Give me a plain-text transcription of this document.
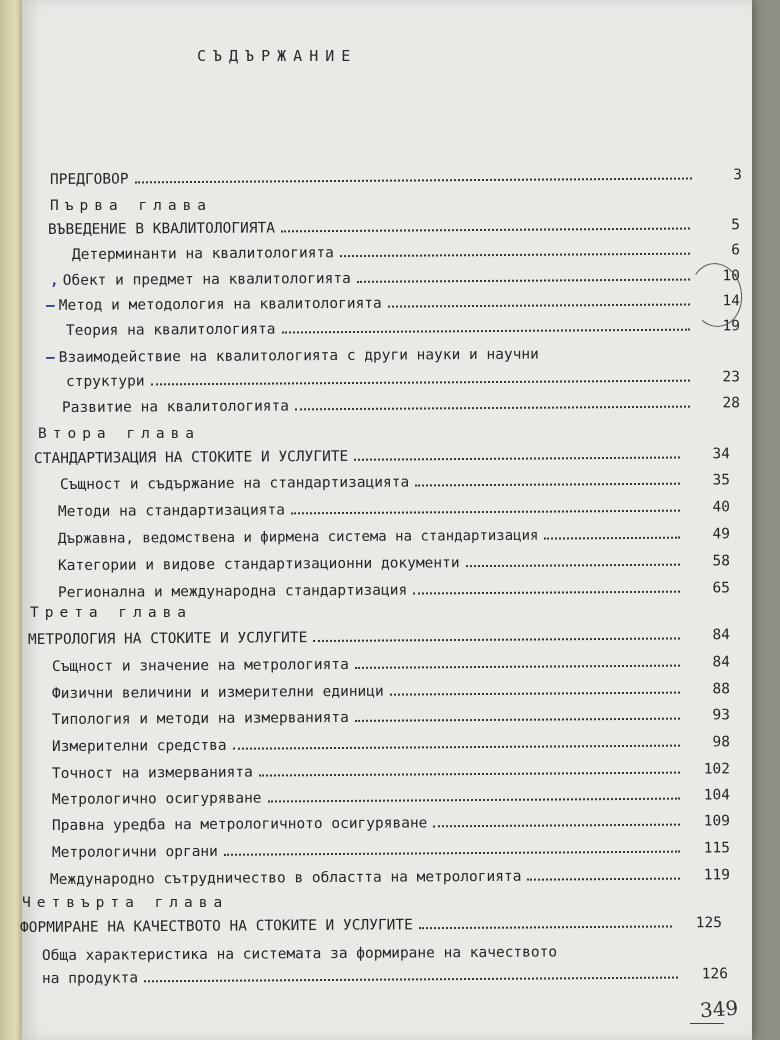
СЪДЪРЖАНИЕ
ПРЕДГОВОР	3
Първа глава
ВЪВЕДЕНИЕ В КВАЛИТОЛОГИЯТА	5
Детерминанти на квалитологията	6
, Обект и предмет на квалитологията	10
— Метод и методология на квалитологията	14
Теория на квалитологията	19
— Взаимодействие на квалитологията с други науки и научни
структури	23
Развитие на квалитологията	28
Втора глава
СТАНДАРТИЗАЦИЯ НА СТОКИТЕ И УСЛУГИТЕ	34
Същност и съдържание на стандартизацията	35
Методи на стандартизацията	40
Държавна, ведомствена и фирмена система на стандартизация	49
Категории и видове стандартизационни документи	58
Регионална и международна стандартизация	65
Трета глава
МЕТРОЛОГИЯ НА СТОКИТЕ И УСЛУГИТЕ	84
Същност и значение на метрологията	84
Физични величини и измерителни единици	88
Типология и методи на измерванията	93
Измерителни средства	98
Точност на измерванията	102
Метрологично осигуряване	104
Правна уредба на метрологичното осигуряване	109
Метрологични органи	115
Международно сътрудничество в областта на метрологията	119
Четвърта глава
ФОРМИРАНЕ НА КАЧЕСТВОТО НА СТОКИТЕ И УСЛУГИТЕ	125
Обща характеристика на системата за формиране на качеството
на продукта	126
349
